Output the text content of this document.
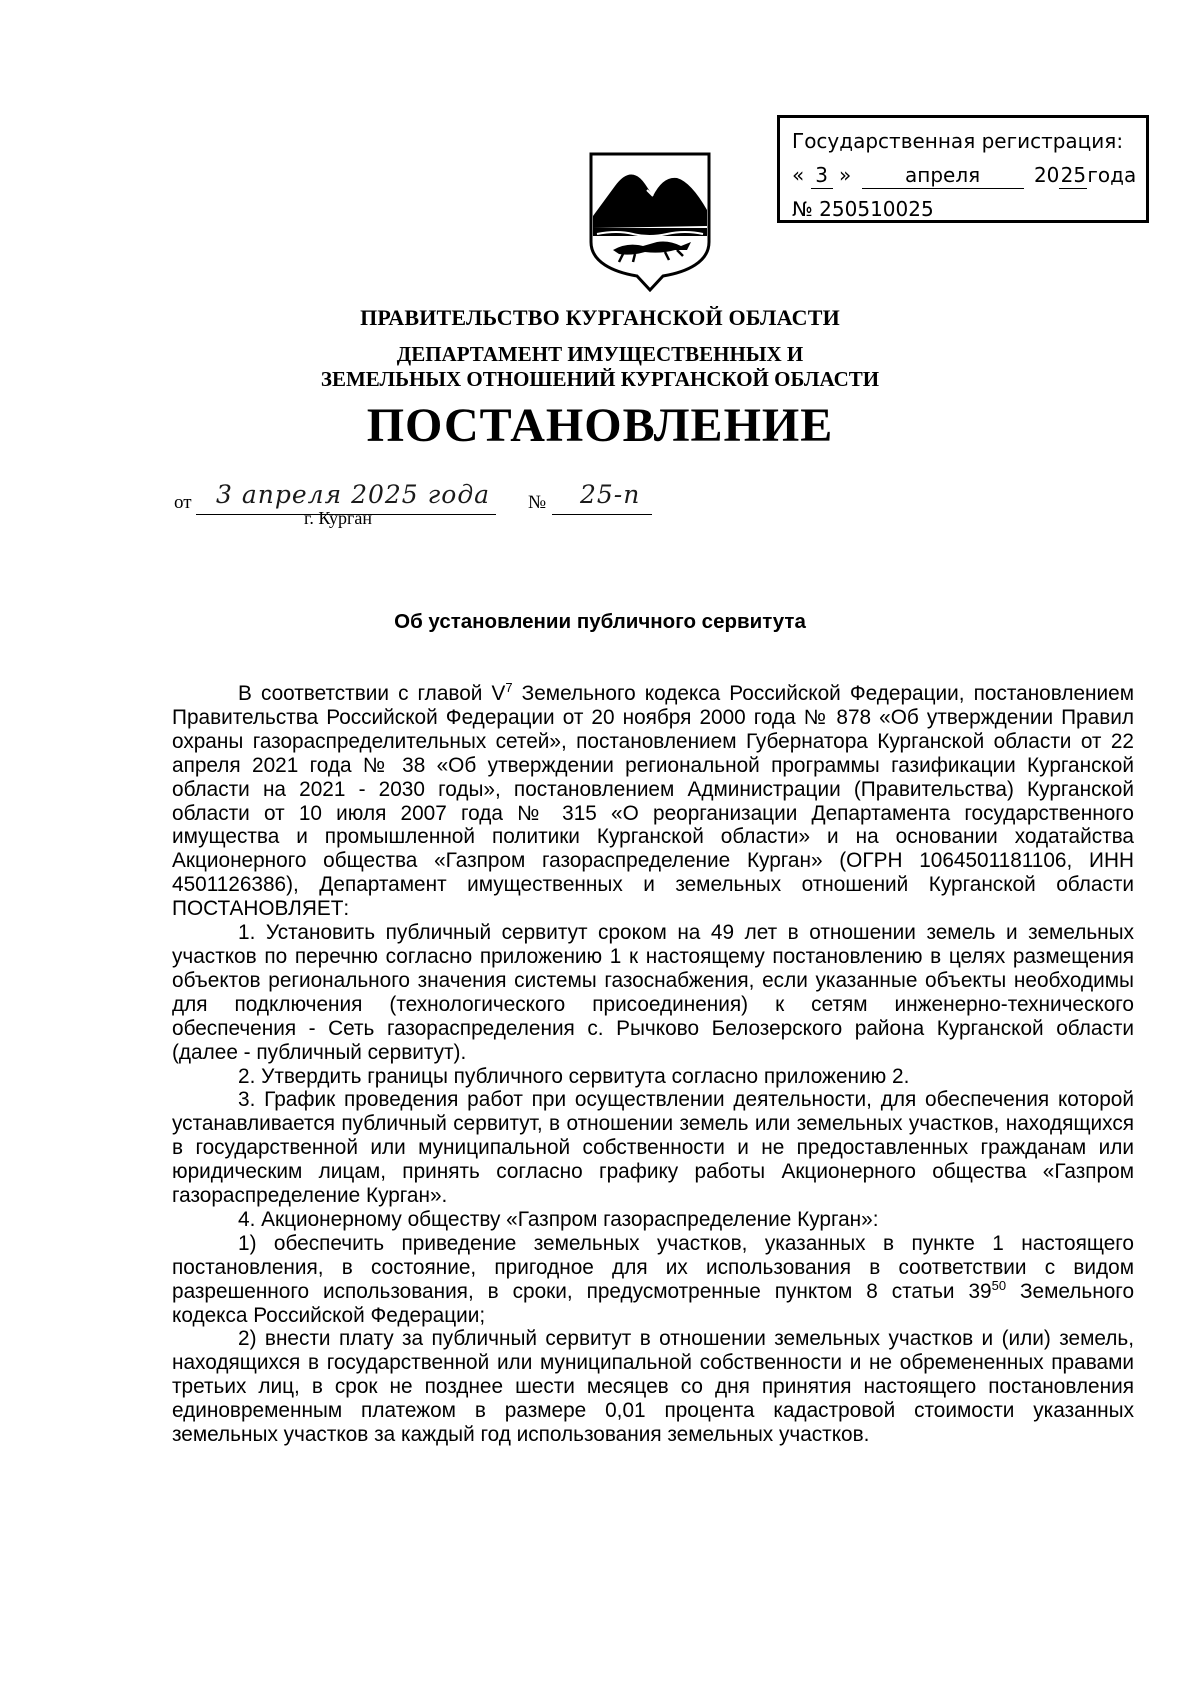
Государственная регистрация:
« 3 »	апреля	2025года
№ 250510025
ПРАВИТЕЛЬСТВО КУРГАНСКОЙ ОБЛАСТИ
ДЕПАРТАМЕНТ ИМУЩЕСТВЕННЫХ И
ЗЕМЕЛЬНЫХ ОТНОШЕНИЙ КУРГАНСКОЙ ОБЛАСТИ
ПОСТАНОВЛЕНИЕ
от 3 апреля 2025 года № 25-п
г. Курган
Об установлении публичного сервитута

В соответствии с главой $V^7$ Земельного кодекса Российской Федерации, постановлением Правительства Российской Федерации от 20 ноября 2000 года № 878 «Об утверждении Правил охраны газораспределительных сетей», постановлением Губернатора Курганской области от 22 апреля 2021 года № 38 «Об утверждении региональной программы газификации Курганской области на 2021 - 2030 годы», постановлением Администрации (Правительства) Курганской области от 10 июля 2007 года № 315 «О реорганизации Департамента государственного имущества и промышленной политики Курганской области» и на основании ходатайства Акционерного общества «Газпром газораспределение Курган» (ОГРН 1064501181106, ИНН 4501126386), Департамент имущественных и земельных отношений Курганской области ПОСТАНОВЛЯЕТ:

1. Установить публичный сервитут сроком на 49 лет в отношении земель и земельных участков по перечню согласно приложению 1 к настоящему постановлению в целях размещения объектов регионального значения системы газоснабжения, если указанные объекты необходимы для подключения (технологического присоединения) к сетям инженерно-технического обеспечения - Сеть газораспределения с. Рычково Белозерского района Курганской области (далее - публичный сервитут).

2. Утвердить границы публичного сервитута согласно приложению 2.

3. График проведения работ при осуществлении деятельности, для обеспечения которой устанавливается публичный сервитут, в отношении земель или земельных участков, находящихся в государственной или муниципальной собственности и не предоставленных гражданам или юридическим лицам, принять согласно графику работы Акционерного общества «Газпром газораспределение Курган».

4. Акционерному обществу «Газпром газораспределение Курган»:

1) обеспечить приведение земельных участков, указанных в пункте 1 настоящего постановления, в состояние, пригодное для их использования в соответствии с видом разрешенного использования, в сроки, предусмотренные пунктом 8 статьи $39^{50}$ Земельного кодекса Российской Федерации;

2) внести плату за публичный сервитут в отношении земельных участков и (или) земель, находящихся в государственной или муниципальной собственности и не обремененных правами третьих лиц, в срок не позднее шести месяцев со дня принятия настоящего постановления единовременным платежом в размере 0,01 процента кадастровой стоимости указанных земельных участков за каждый год использования земельных участков.
